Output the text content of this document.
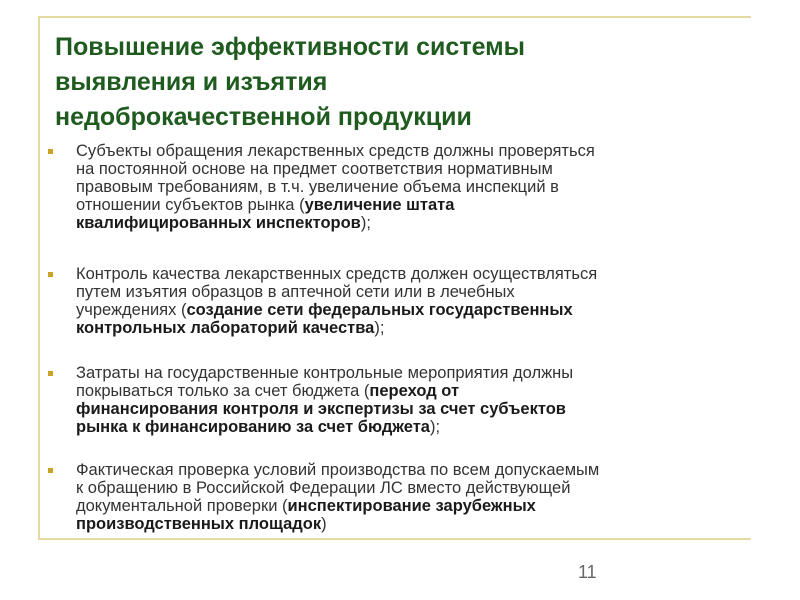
Повышение эффективности системы
выявления и изъятия
недоброкачественной продукции
Субъекты обращения лекарственных средств должны проверяться
на постоянной основе на предмет соответствия нормативным
правовым требованиям, в т.ч. увеличение объема инспекций в
отношении субъектов рынка (увеличение штата
квалифицированных инспекторов);
Контроль качества лекарственных средств должен осуществляться
путем изъятия образцов в аптечной сети или в лечебных
учреждениях (создание сети федеральных государственных
контрольных лабораторий качества);
Затраты на государственные контрольные мероприятия должны
покрываться только за счет бюджета (переход от
финансирования контроля и экспертизы за счет субъектов
рынка к финансированию за счет бюджета);
Фактическая проверка условий производства по всем допускаемым
к обращению в Российской Федерации ЛС вместо действующей
документальной проверки (инспектирование зарубежных
производственных площадок)
11
